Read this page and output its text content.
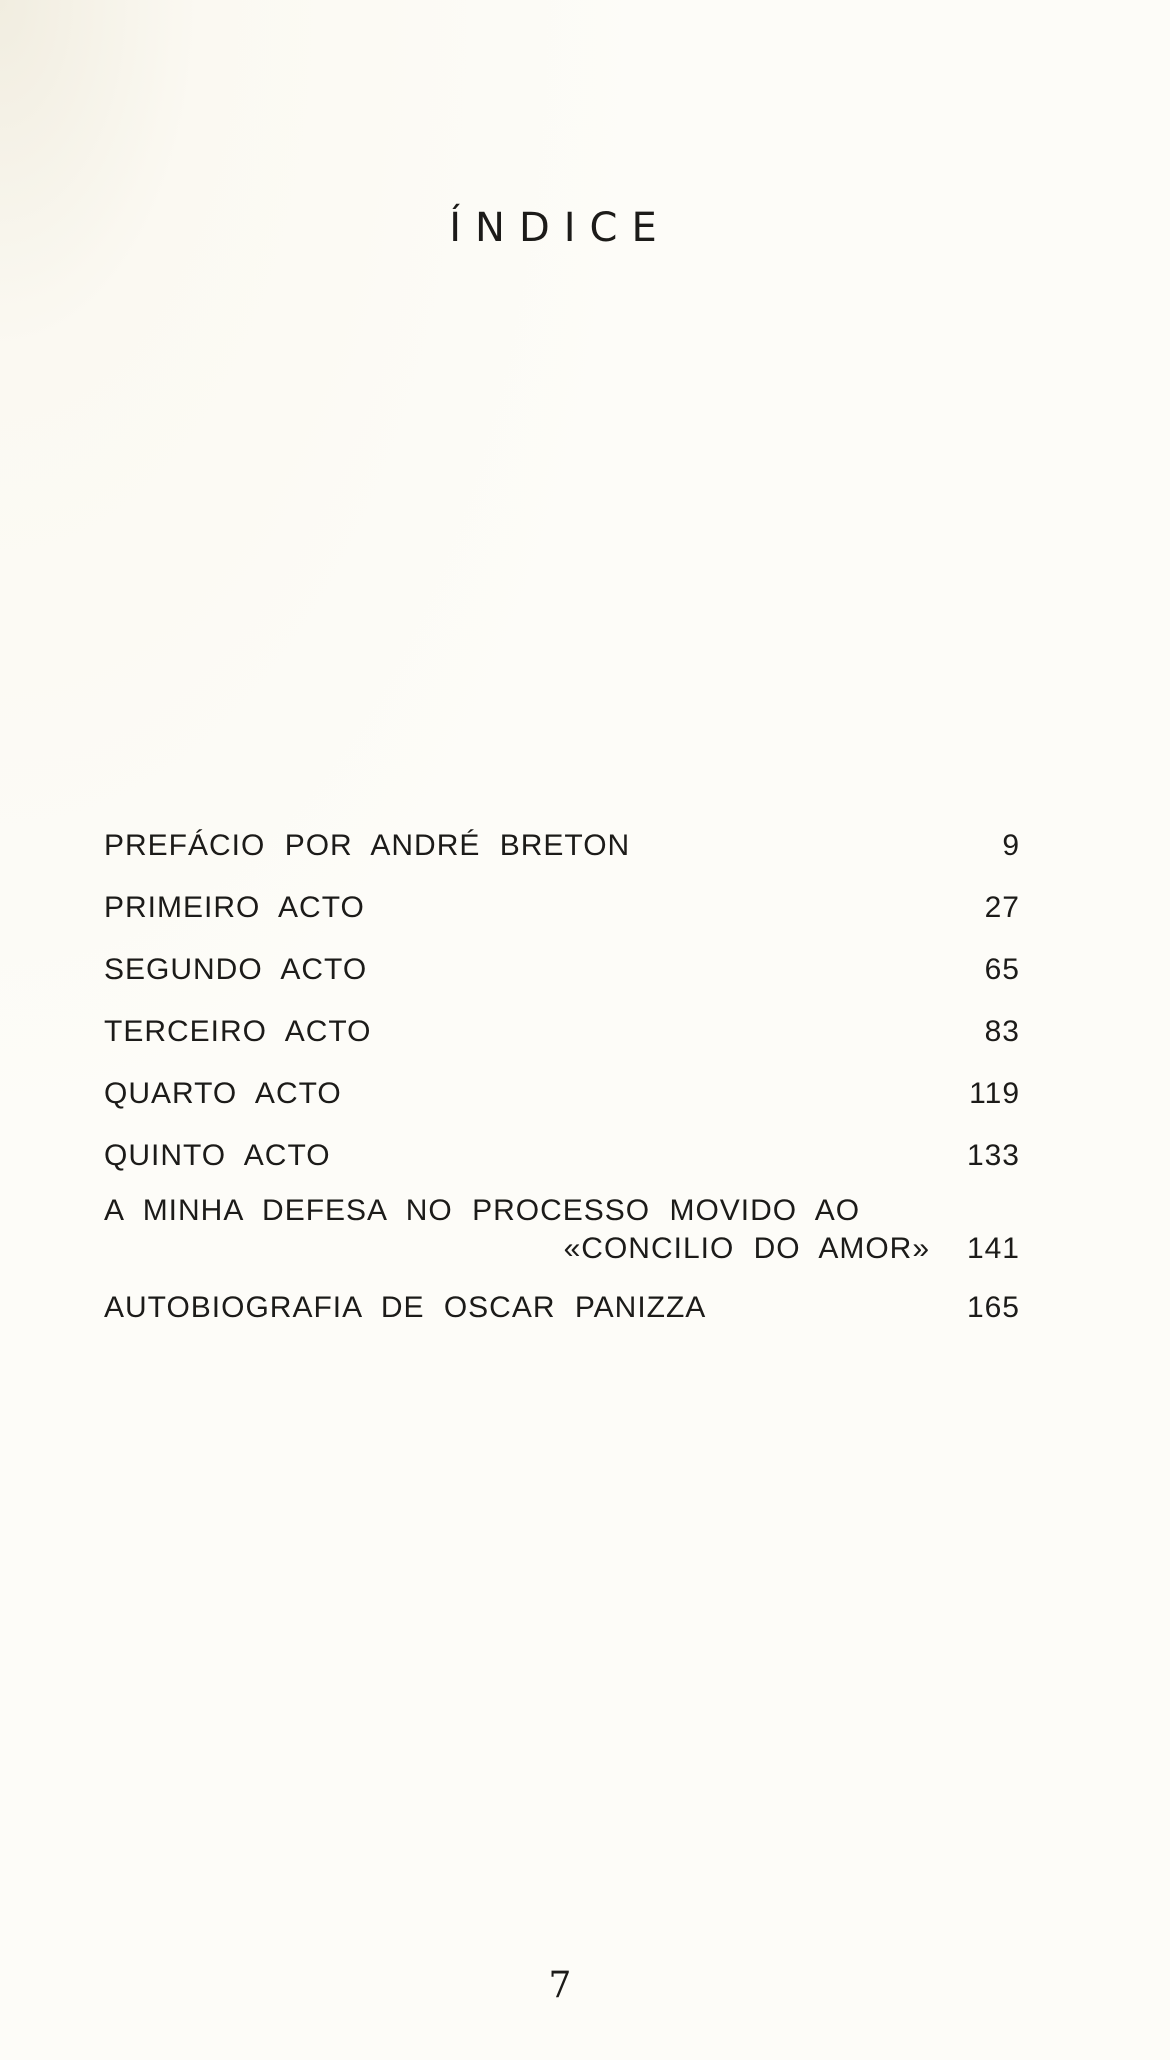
ÍNDICE
PREFÁCIO POR ANDRÉ BRETON	9
PRIMEIRO ACTO	27
SEGUNDO ACTO	65
TERCEIRO ACTO	83
QUARTO ACTO	119
QUINTO ACTO	133
A MINHA DEFESA NO PROCESSO MOVIDO AO
«CONCILIO DO AMOR»	141
AUTOBIOGRAFIA DE OSCAR PANIZZA	165
7
